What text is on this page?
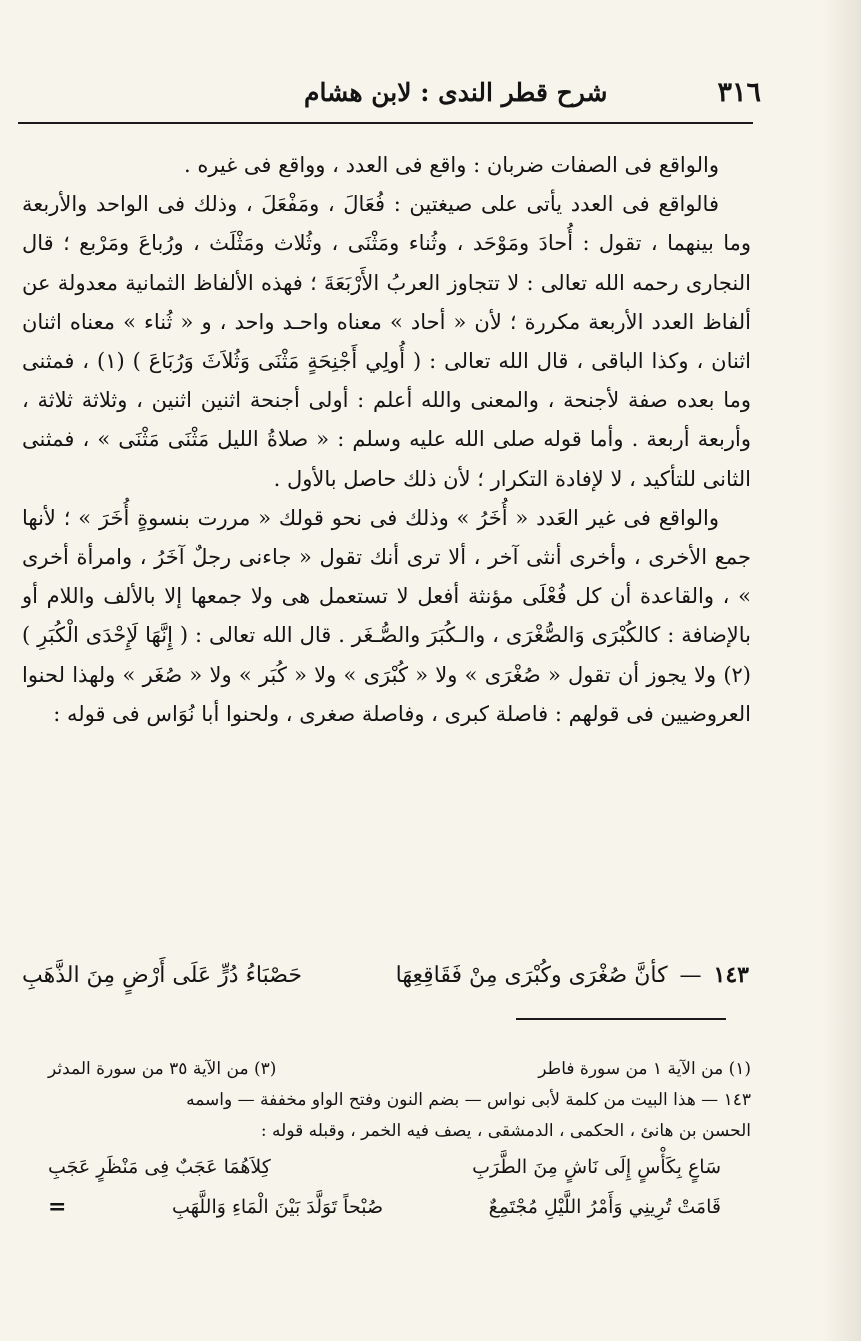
٣١٦
شرح قطر الندى : لابن هشام

والواقع فى الصفات ضربان : واقع فى العدد ، وواقع فى غيره .

فالواقع فى العدد يأتى على صيغتين : فُعَالَ ، ومَفْعَلَ ، وذلك فى الواحد والأربعة وما بينهما ، تقول : أُحادَ ومَوْحَد ، وثُناء ومَثْنَى ، وثُلاث ومَثْلَث ، ورُباعَ ومَرْبع ؛ قال النجارى رحمه الله تعالى : لا تتجاوز العربُ الأَرْبَعَةَ ؛ فهذه الألفاظ الثمانية معدولة عن ألفاظ العدد الأربعة مكررة ؛ لأن « أحاد » معناه واحـد واحد ، و « ثُناء » معناه اثنان اثنان ، وكذا الباقى ، قال الله تعالى : ( أُولِي أَجْنِحَةٍ مَثْنَى وَثُلاَثَ وَرُبَاعَ ) (١) ، فمثنى وما بعده صفة لأجنحة ، والمعنى والله أعلم : أولى أجنحة اثنين اثنين ، وثلاثة ثلاثة ، وأربعة أربعة . وأما قوله صلى الله عليه وسلم : « صلاةُ الليل مَثْنَى مَثْنَى » ، فمثنى الثانى للتأكيد ، لا لإفادة التكرار ؛ لأن ذلك حاصل بالأول .

والواقع فى غير العَدد « أُخَرُ » وذلك فى نحو قولك « مررت بنسوةٍ أُخَرَ » ؛ لأنها جمع الأخرى ، وأخرى أنثى آخر ، ألا ترى أنك تقول « جاءنى رجلٌ آخَرُ ، وامرأة أخرى » ، والقاعدة أن كل فُعْلَى مؤنثة أفعل لا تستعمل هى ولا جمعها إلا بالألف واللام أو بالإضافة : كالكُبْرَى وَالصُّغْرَى ، والـكُبَرَ والصُّـغَر . قال الله تعالى : ( إِنَّهَا لَإِحْدَى الْكُبَرِ ) (٢) ولا يجوز أن تقول « صُغْرَى » ولا « كُبْرَى » ولا « كُبَر » ولا « صُغَر » ولهذا لحنوا العروضيين فى قولهم : فاصلة كبرى ، وفاصلة صغرى ، ولحنوا أبا نُوَاس فى قوله :

١٤٣
—
كأنَّ صُغْرَى وكُبْرَى مِنْ فَقَاقِعِهَا
حَصْبَاءُ دُرٍّ عَلَى أَرْضٍ مِنَ الذَّهَبِ
(١) من الآية ١ من سورة فاطر
(٣) من الآية ٣٥ من سورة المدثر

١٤٣ — هذا البيت من كلمة لأبى نواس — بضم النون وفتح الواو مخففة — واسمه

الحسن بن هانئ ، الحكمى ، الدمشقى ، يصف فيه الخمر ، وقبله قوله :

سَاعٍ بِكَأْسٍ إِلَى نَاشٍ مِنَ الطَّرَبِ
كِلاَهُمَا عَجَبٌ فِى مَنْظَرٍ عَجَبِ
قَامَتْ تُرِينِي وَأَمْرُ اللَّيْلِ مُجْتَمِعٌ
صُبْحاً تَوَلَّدَ بَيْنَ الْمَاءِ وَاللَّهَبِ
=
